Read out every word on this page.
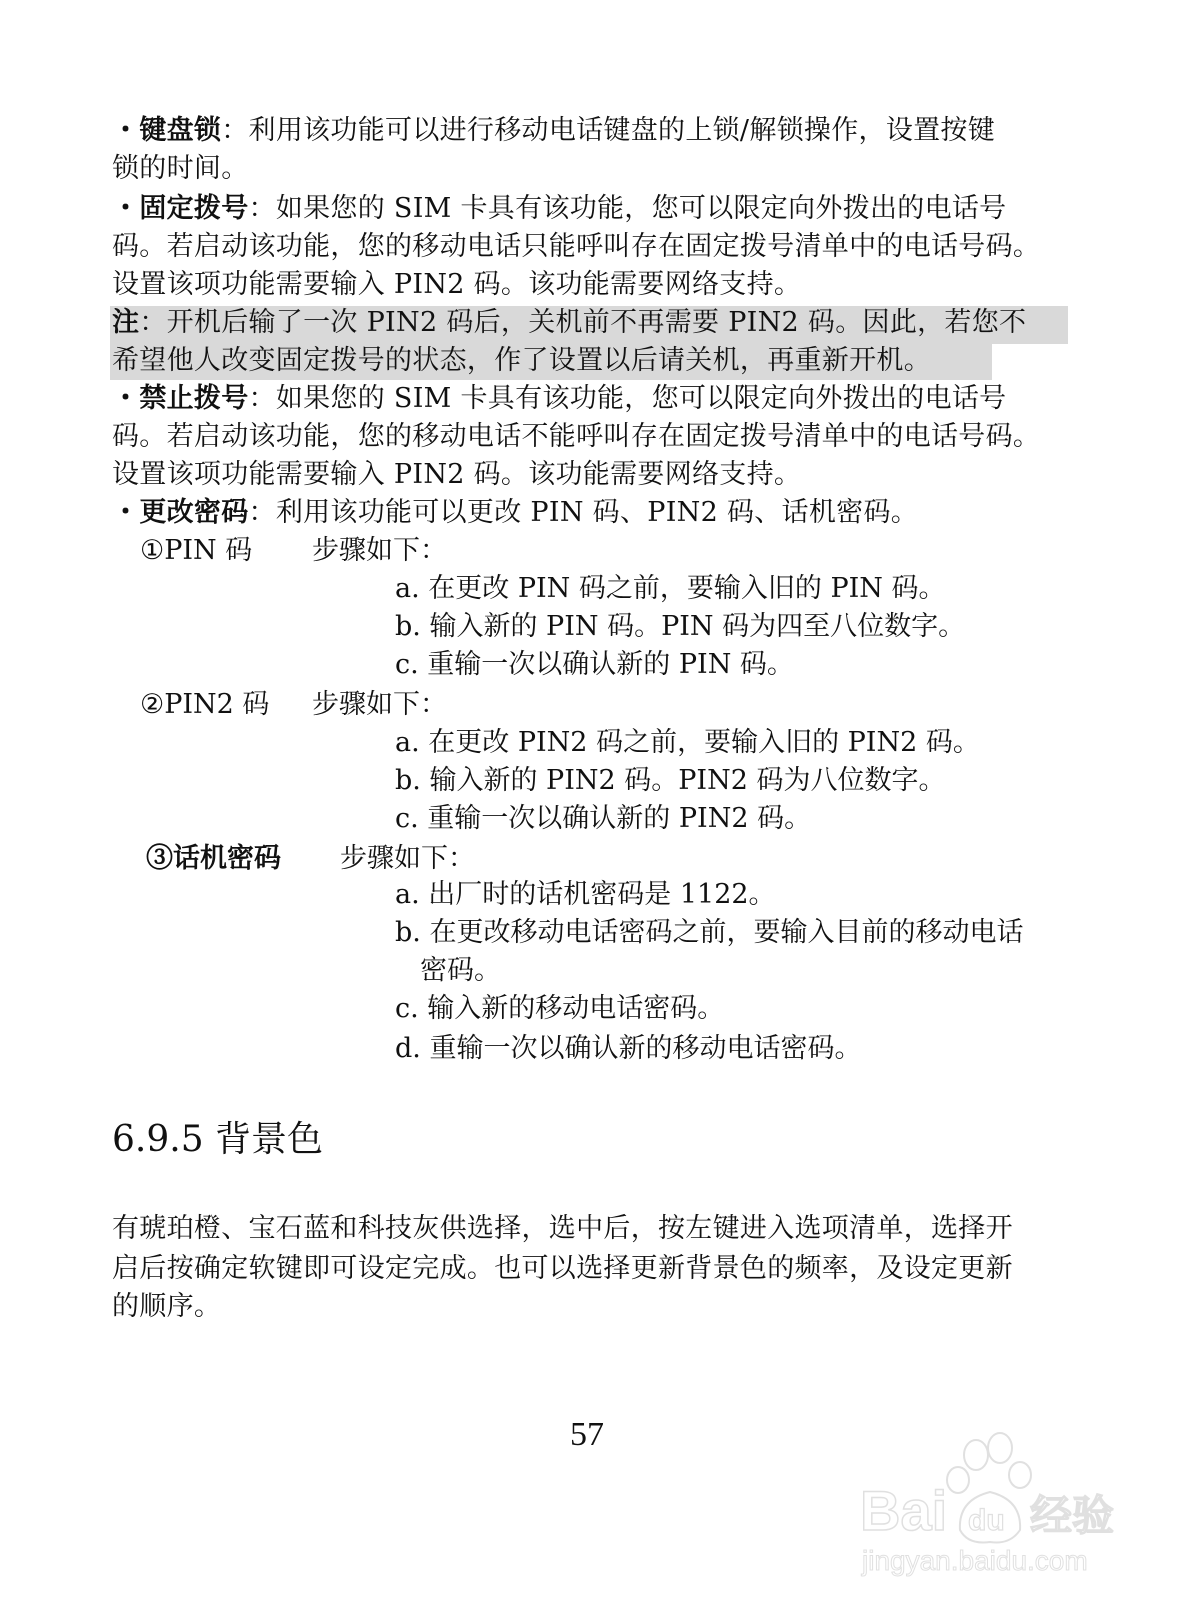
・键盘锁：利用该功能可以进行移动电话键盘的上锁/解锁操作，设置按键
锁的时间。
・固定拨号：如果您的 SIM 卡具有该功能，您可以限定向外拨出的电话号
码。若启动该功能，您的移动电话只能呼叫存在固定拨号清单中的电话号码。
设置该项功能需要输入 PIN2 码。该功能需要网络支持。
注：开机后输了一次 PIN2 码后，关机前不再需要 PIN2 码。因此，若您不
希望他人改变固定拨号的状态，作了设置以后请关机，再重新开机。
・禁止拨号：如果您的 SIM 卡具有该功能，您可以限定向外拨出的电话号
码。若启动该功能，您的移动电话不能呼叫存在固定拨号清单中的电话号码。
设置该项功能需要输入 PIN2 码。该功能需要网络支持。
・更改密码：利用该功能可以更改 PIN 码、PIN2 码、话机密码。
①PIN 码 步骤如下：
a. 在更改 PIN 码之前，要输入旧的 PIN 码。
b. 输入新的 PIN 码。PIN 码为四至八位数字。
c. 重输一次以确认新的 PIN 码。
②PIN2 码 步骤如下：
a. 在更改 PIN2 码之前，要输入旧的 PIN2 码。
b. 输入新的 PIN2 码。PIN2 码为八位数字。
c. 重输一次以确认新的 PIN2 码。
③话机密码 步骤如下：
a. 出厂时的话机密码是 1122。
b. 在更改移动电话密码之前，要输入目前的移动电话
密码。
c. 输入新的移动电话密码。
d. 重输一次以确认新的移动电话密码。
6.9.5 背景色
有琥珀橙、宝石蓝和科技灰供选择，选中后，按左键进入选项清单，选择开
启后按确定软键即可设定完成。也可以选择更新背景色的频率，及设定更新
的顺序。
57
Bai du 经验
jingyan.baidu.com
